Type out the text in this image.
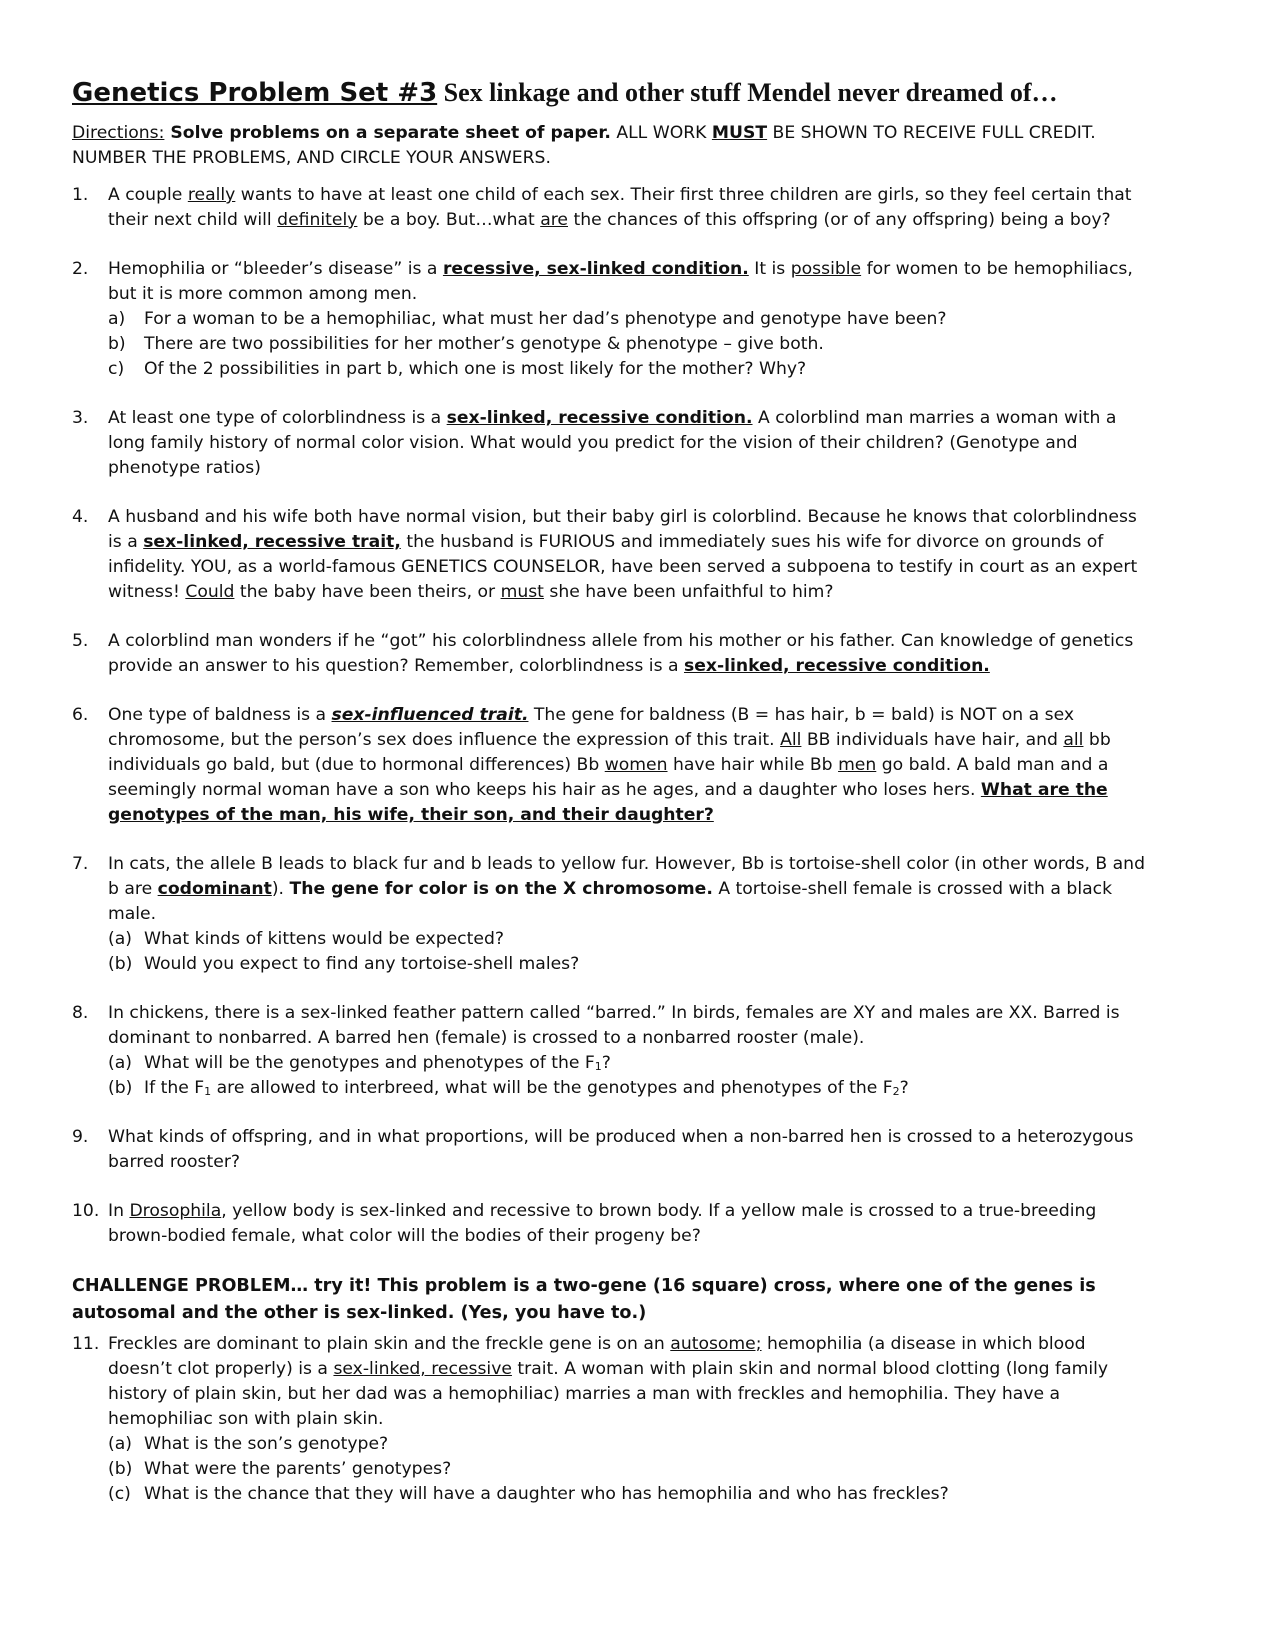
Genetics Problem Set #3 Sex linkage and other stuff Mendel never dreamed of…
Directions: Solve problems on a separate sheet of paper. ALL WORK MUST BE SHOWN TO RECEIVE FULL CREDIT. NUMBER THE PROBLEMS, AND CIRCLE YOUR ANSWERS.
1. A couple really wants to have at least one child of each sex. Their first three children are girls, so they feel certain that their next child will definitely be a boy. But…what are the chances of this offspring (or of any offspring) being a boy?
2. Hemophilia or “bleeder’s disease” is a recessive, sex-linked condition. It is possible for women to be hemophiliacs, but it is more common among men.
a) For a woman to be a hemophiliac, what must her dad’s phenotype and genotype have been?
b) There are two possibilities for her mother’s genotype & phenotype – give both.
c) Of the 2 possibilities in part b, which one is most likely for the mother? Why?
3. At least one type of colorblindness is a sex-linked, recessive condition. A colorblind man marries a woman with a long family history of normal color vision. What would you predict for the vision of their children? (Genotype and phenotype ratios)
4. A husband and his wife both have normal vision, but their baby girl is colorblind. Because he knows that colorblindness is a sex-linked, recessive trait, the husband is FURIOUS and immediately sues his wife for divorce on grounds of infidelity. YOU, as a world-famous GENETICS COUNSELOR, have been served a subpoena to testify in court as an expert witness! Could the baby have been theirs, or must she have been unfaithful to him?
5. A colorblind man wonders if he “got” his colorblindness allele from his mother or his father. Can knowledge of genetics provide an answer to his question? Remember, colorblindness is a sex-linked, recessive condition.
6. One type of baldness is a sex-influenced trait. The gene for baldness (B = has hair, b = bald) is NOT on a sex chromosome, but the person’s sex does influence the expression of this trait. All BB individuals have hair, and all bb individuals go bald, but (due to hormonal differences) Bb women have hair while Bb men go bald. A bald man and a seemingly normal woman have a son who keeps his hair as he ages, and a daughter who loses hers. What are the genotypes of the man, his wife, their son, and their daughter?
7. In cats, the allele B leads to black fur and b leads to yellow fur. However, Bb is tortoise-shell color (in other words, B and b are codominant). The gene for color is on the X chromosome. A tortoise-shell female is crossed with a black male.
(a) What kinds of kittens would be expected?
(b) Would you expect to find any tortoise-shell males?
8. In chickens, there is a sex-linked feather pattern called “barred.” In birds, females are XY and males are XX. Barred is dominant to nonbarred. A barred hen (female) is crossed to a nonbarred rooster (male).
(a) What will be the genotypes and phenotypes of the $F_1$?
(b) If the $F_1$ are allowed to interbreed, what will be the genotypes and phenotypes of the $F_2$?
9. What kinds of offspring, and in what proportions, will be produced when a non-barred hen is crossed to a heterozygous barred rooster?
10. In Drosophila, yellow body is sex-linked and recessive to brown body. If a yellow male is crossed to a true-breeding brown-bodied female, what color will the bodies of their progeny be?
CHALLENGE PROBLEM… try it! This problem is a two-gene (16 square) cross, where one of the genes is autosomal and the other is sex-linked. (Yes, you have to.)
11. Freckles are dominant to plain skin and the freckle gene is on an autosome; hemophilia (a disease in which blood doesn’t clot properly) is a sex-linked, recessive trait. A woman with plain skin and normal blood clotting (long family history of plain skin, but her dad was a hemophiliac) marries a man with freckles and hemophilia. They have a hemophiliac son with plain skin.
(a) What is the son’s genotype?
(b) What were the parents’ genotypes?
(c) What is the chance that they will have a daughter who has hemophilia and who has freckles?
